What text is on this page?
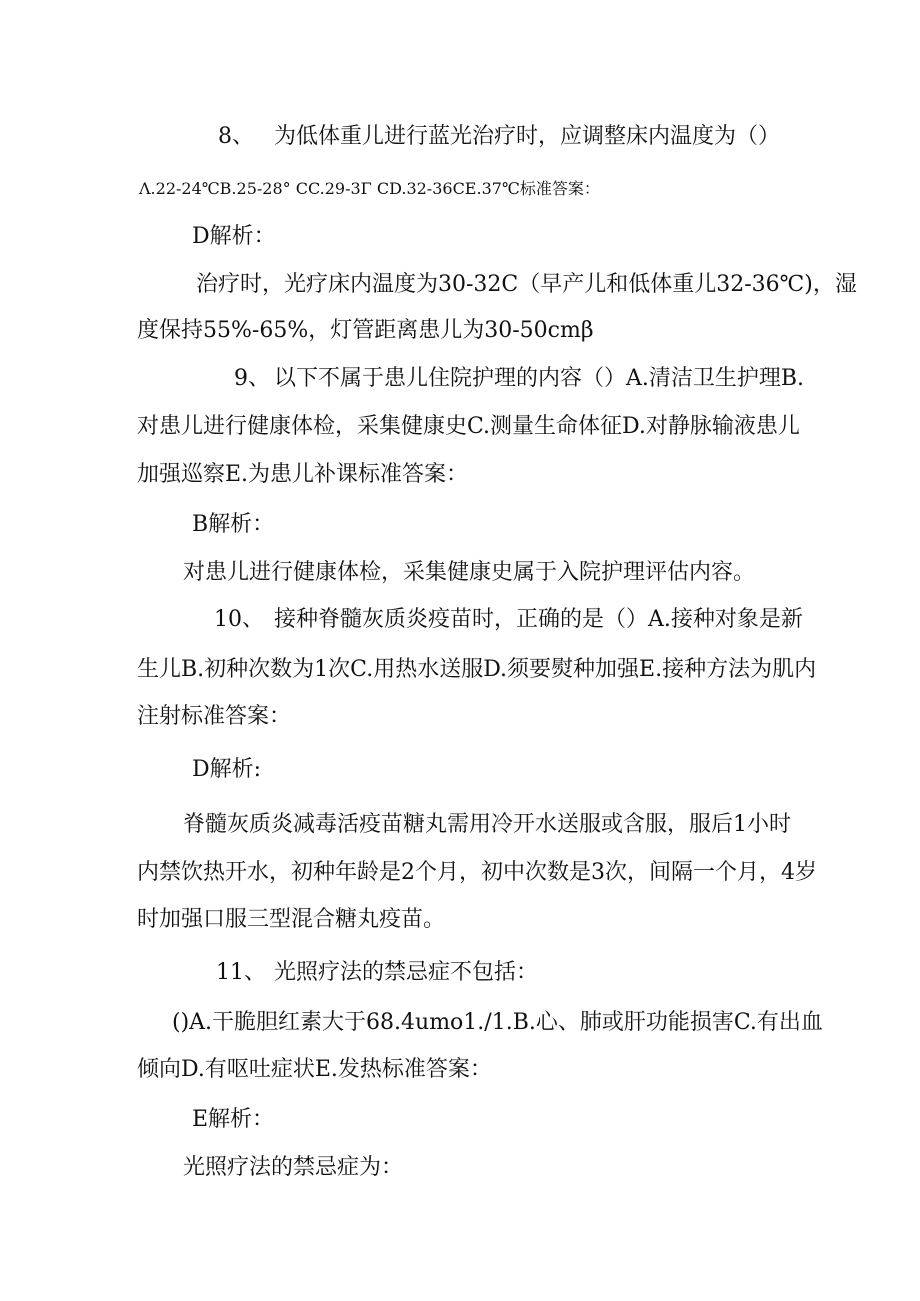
8、 为低体重儿进行蓝光治疗时，应调整床内温度为（）

Λ.22-24℃B.25-28° CC.29-3Γ CD.32-36CE.37℃标准答案：

D解析：

治疗时，光疗床内温度为30-32C（早产儿和低体重儿32-36℃)，湿

度保持55%-65%，灯管距离患儿为30-50cmβ

9、 以下不属于患儿住院护理的内容（）A.清洁卫生护理B.

对患儿进行健康体检，采集健康史C.测量生命体征D.对静脉输液患儿

加强巡察E.为患儿补课标准答案：

B解析：

对患儿进行健康体检，采集健康史属于入院护理评估内容。

10、 接种脊髓灰质炎疫苗时，正确的是（）A.接种对象是新

生儿B.初种次数为1次C.用热水送服D.须要熨种加强E.接种方法为肌内

注射标准答案：

D解析:

脊髓灰质炎减毒活疫苗糖丸需用冷开水送服或含服，服后1小时

内禁饮热开水，初种年龄是2个月，初中次数是3次，间隔一个月，4岁

时加强口服三型混合糖丸疫苗。

11、 光照疗法的禁忌症不包括：

()A.干脆胆红素大于68.4umo1./1.B.心、肺或肝功能损害C.有出血

倾向D.有呕吐症状E.发热标准答案：

E解析：

光照疗法的禁忌症为：
